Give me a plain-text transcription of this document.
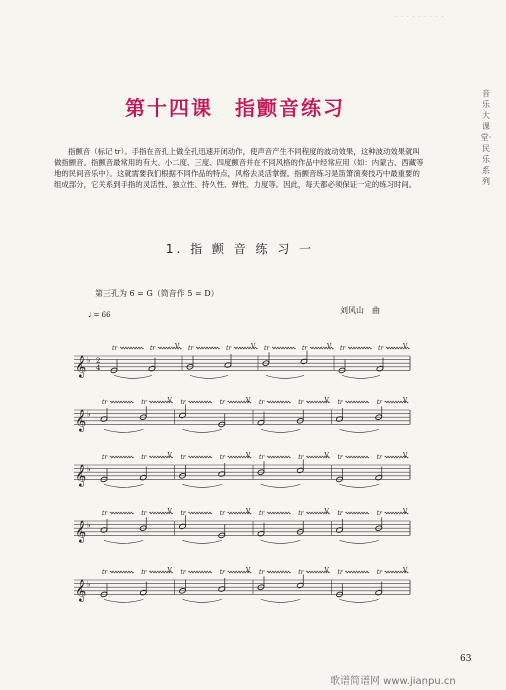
· · · · · · · · ·
音乐大课堂·民乐系列
第十四课　指颤音练习

指颤音（标记 tr）。手指在音孔上做全孔迅速开闭动作，使声音产生不同程度的波动效果，这种波动效果就叫做指颤音。指颤音最常用的有大、小二度、三度、四度颤音并在不同风格的作品中经常应用（如：内蒙古、西藏等地的民间音乐中）。这就需要我们根据不同作品的特点，风格去灵活掌握。指颤音练习是笛箫演奏技巧中最重要的组成部分，它关系到手指的灵活性、独立性、持久性、弹性、力度等。因此，每天都必须保证一定的练习时间。

1. 指 颤 音 练 习 一
第三孔为 6 = G（筒音作 5 = D）
♩ = 66	刘风山　曲
𝄞 ♭ 2
4
tr	tr	V tr	tr	V tr	tr	V tr	tr	V
𝄞 ♭
tr	tr	V tr	tr	V tr	tr	V tr	tr	V
𝄞 ♭
tr	tr	V tr	tr	V tr	tr	V tr	tr	V
𝄞 ♭
tr	tr	V tr	tr	V tr	tr	V tr	tr	V
𝄞 ♭
tr	tr	V tr	tr	V tr	tr	V tr	tr	V
63
歌谱简谱网 www.jianpu.cn
